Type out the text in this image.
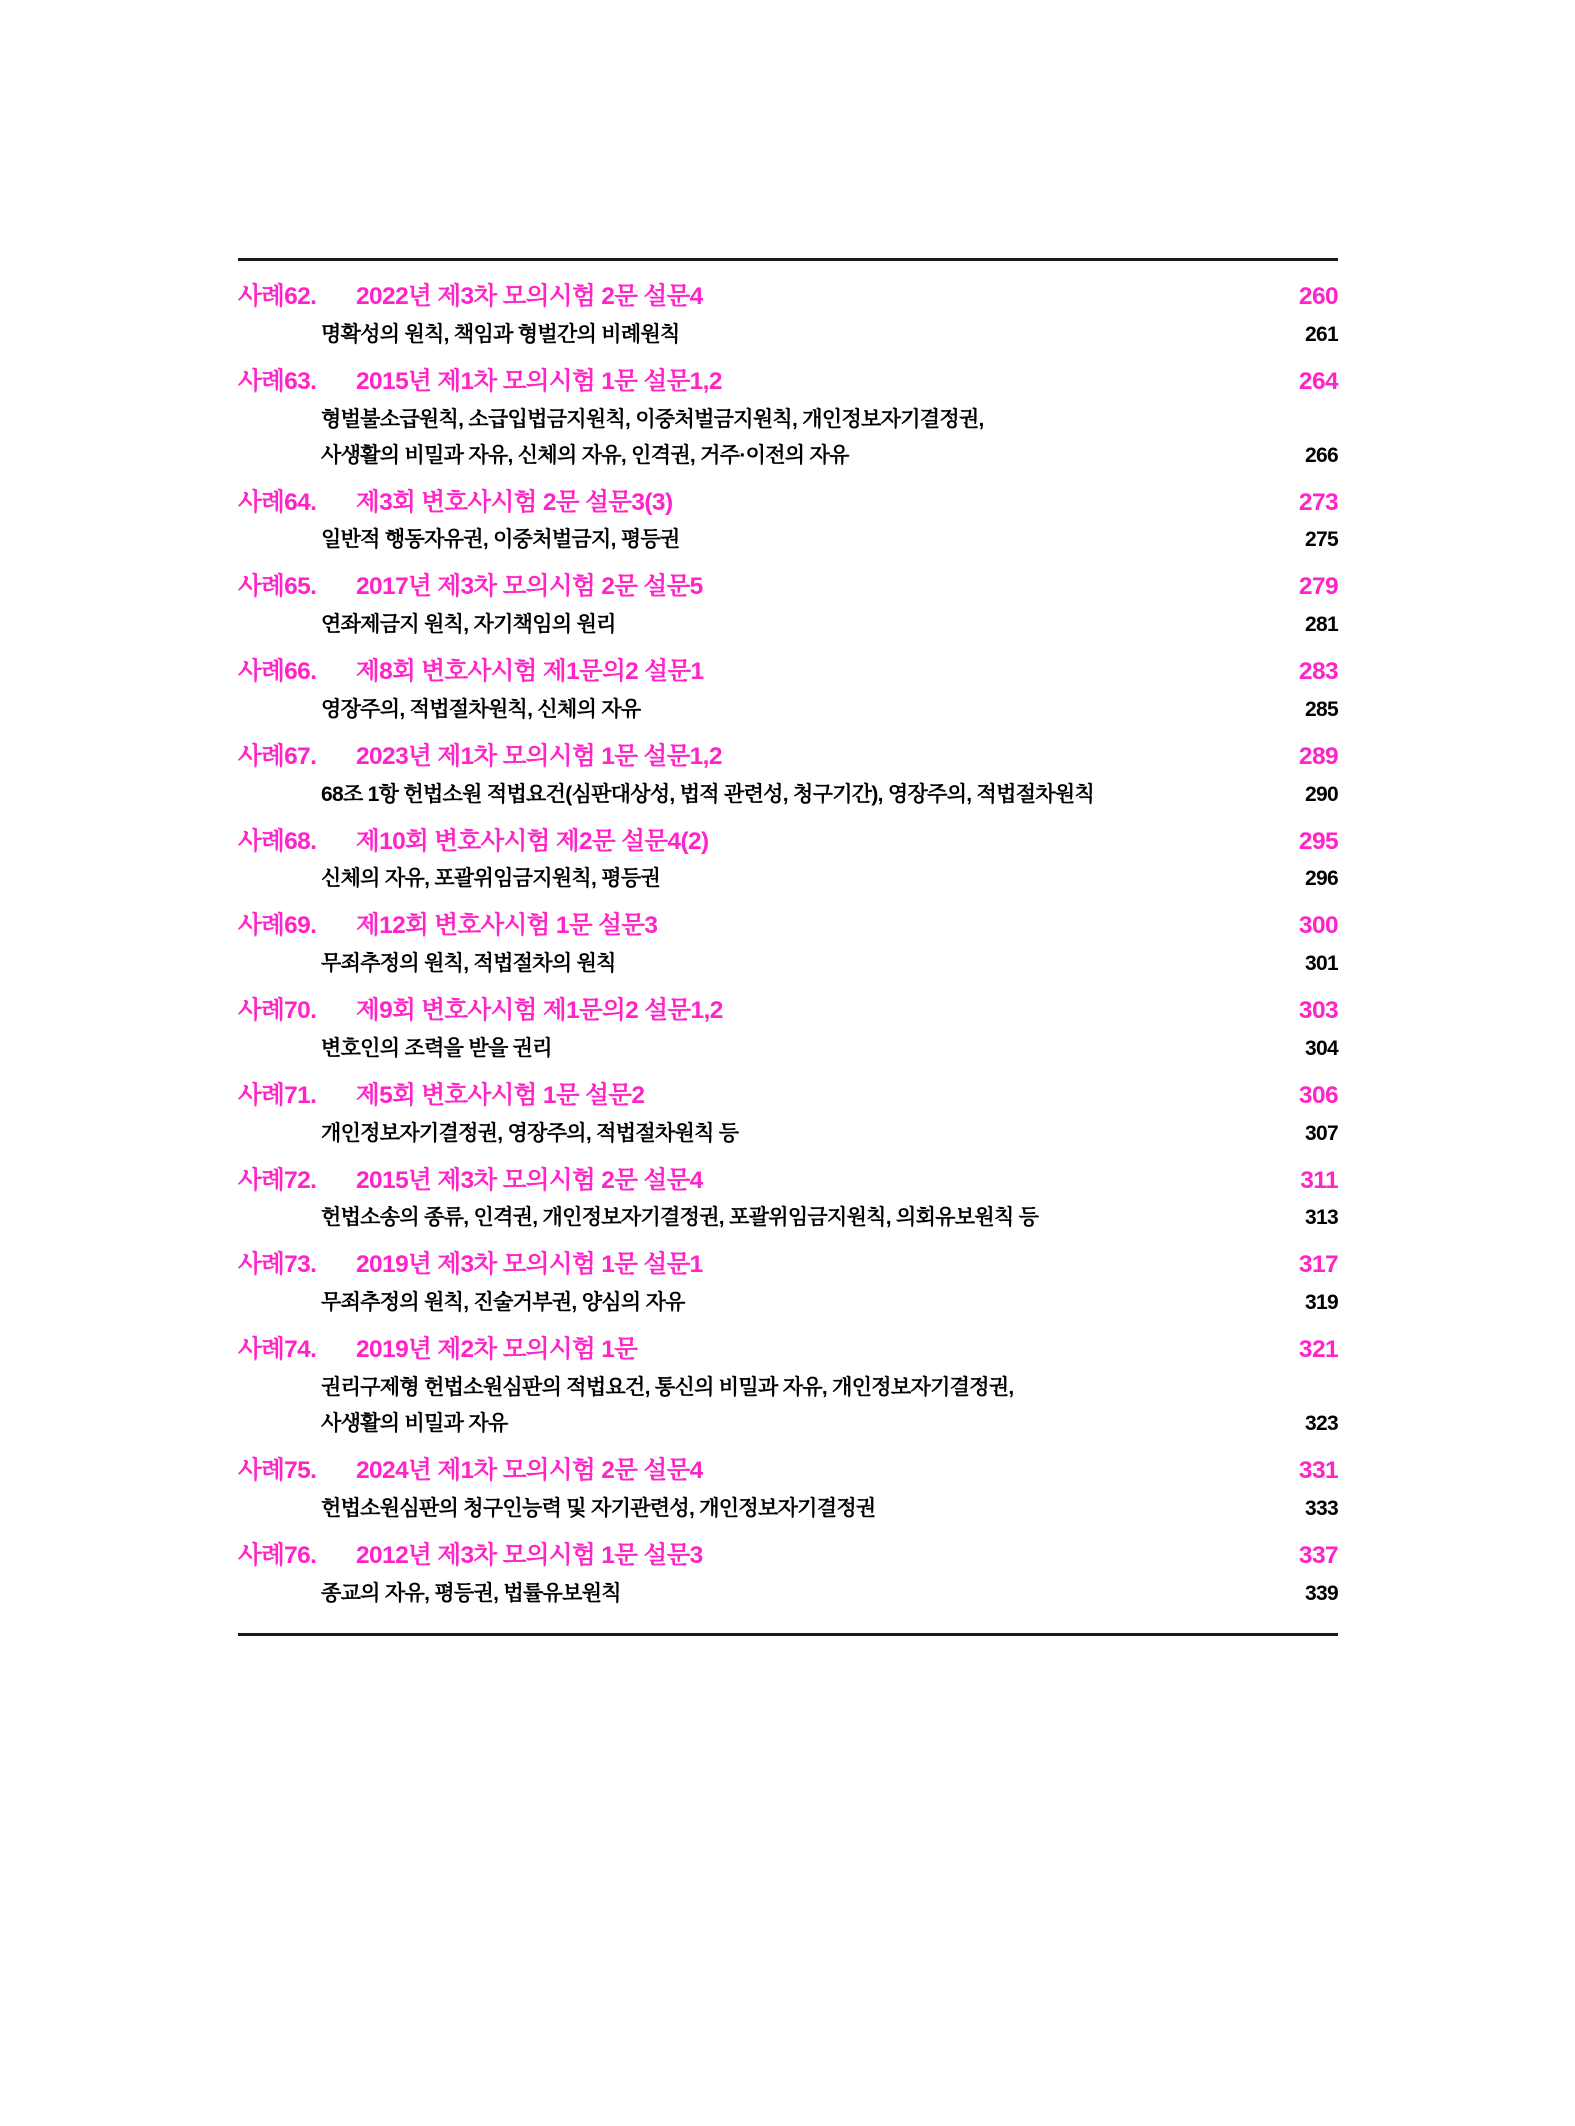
사례62.	2022년 제3차 모의시험 2문 설문4	260
명확성의 원칙, 책임과 형벌간의 비례원칙	261
사례63.	2015년 제1차 모의시험 1문 설문1,2	264
형벌불소급원칙, 소급입법금지원칙, 이중처벌금지원칙, 개인정보자기결정권,
사생활의 비밀과 자유, 신체의 자유, 인격권, 거주·이전의 자유	266
사례64.	제3회 변호사시험 2문 설문3(3)	273
일반적 행동자유권, 이중처벌금지, 평등권	275
사례65.	2017년 제3차 모의시험 2문 설문5	279
연좌제금지 원칙, 자기책임의 원리	281
사례66.	제8회 변호사시험 제1문의2 설문1	283
영장주의, 적법절차원칙, 신체의 자유	285
사례67.	2023년 제1차 모의시험 1문 설문1,2	289
68조 1항 헌법소원 적법요건(심판대상성, 법적 관련성, 청구기간), 영장주의, 적법절차원칙	290
사례68.	제10회 변호사시험 제2문 설문4(2)	295
신체의 자유, 포괄위임금지원칙, 평등권	296
사례69.	제12회 변호사시험 1문 설문3	300
무죄추정의 원칙, 적법절차의 원칙	301
사례70.	제9회 변호사시험 제1문의2 설문1,2	303
변호인의 조력을 받을 권리	304
사례71.	제5회 변호사시험 1문 설문2	306
개인정보자기결정권, 영장주의, 적법절차원칙 등	307
사례72.	2015년 제3차 모의시험 2문 설문4	311
헌법소송의 종류, 인격권, 개인정보자기결정권, 포괄위임금지원칙, 의회유보원칙 등	313
사례73.	2019년 제3차 모의시험 1문 설문1	317
무죄추정의 원칙, 진술거부권, 양심의 자유	319
사례74.	2019년 제2차 모의시험 1문	321
권리구제형 헌법소원심판의 적법요건, 통신의 비밀과 자유, 개인정보자기결정권,
사생활의 비밀과 자유	323
사례75.	2024년 제1차 모의시험 2문 설문4	331
헌법소원심판의 청구인능력 및 자기관련성, 개인정보자기결정권	333
사례76.	2012년 제3차 모의시험 1문 설문3	337
종교의 자유, 평등권, 법률유보원칙	339
